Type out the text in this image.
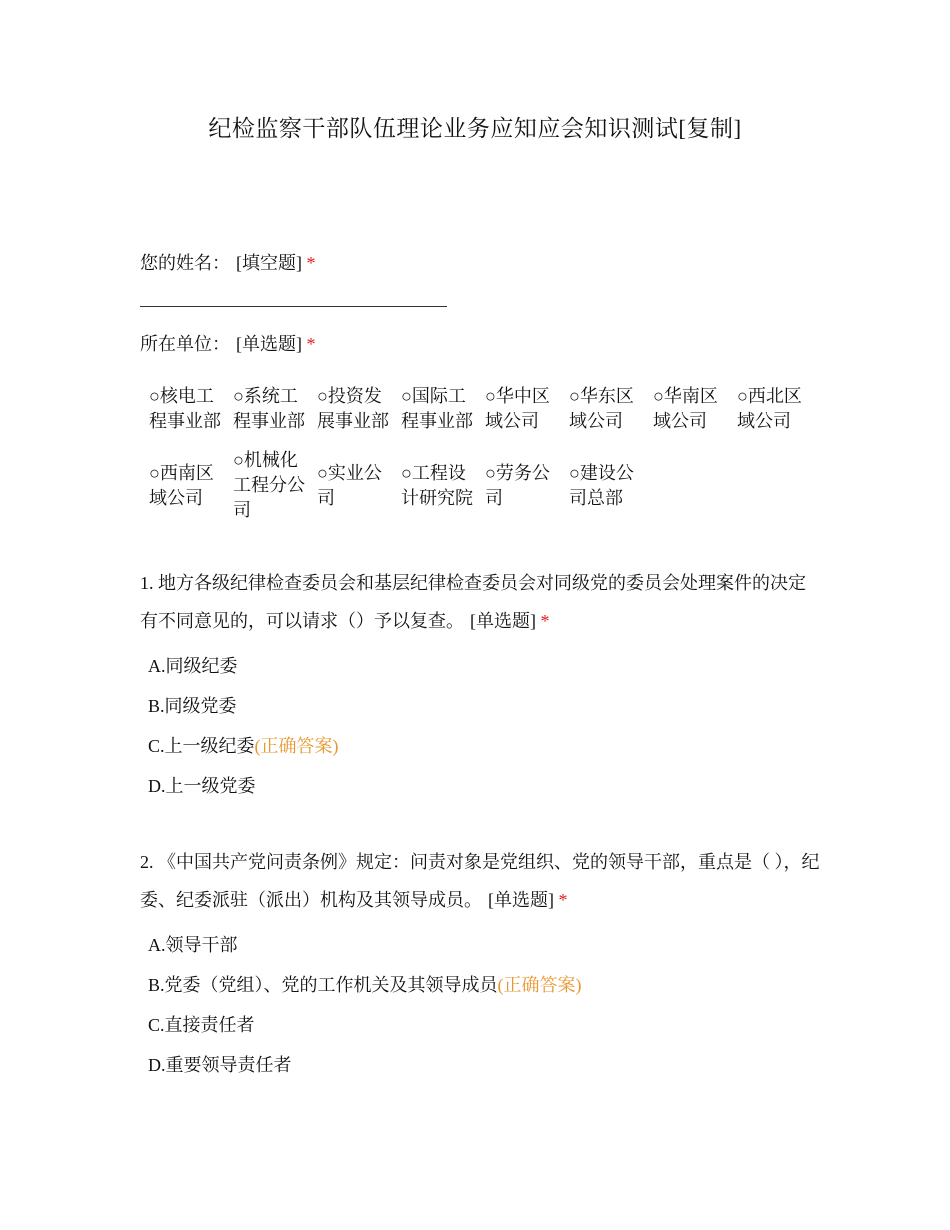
纪检监察干部队伍理论业务应知应会知识测试[复制]
您的姓名： [填空题] *
所在单位： [单选题] *
○核电工程事业部
○系统工程事业部
○投资发展事业部
○国际工程事业部
○华中区域公司
○华东区域公司
○华南区域公司
○西北区域公司
○西南区域公司
○机械化工程分公司
○实业公司
○工程设计研究院
○劳务公司
○建设公司总部
1. 地方各级纪律检查委员会和基层纪律检查委员会对同级党的委员会处理案件的决定有不同意见的，可以请求（）予以复查。 [单选题] *
A.同级纪委
B.同级党委
C.上一级纪委(正确答案)
D.上一级党委
2. 《中国共产党问责条例》规定：问责对象是党组织、党的领导干部，重点是（ ），纪委、纪委派驻（派出）机构及其领导成员。 [单选题] *
A.领导干部
B.党委（党组）、党的工作机关及其领导成员(正确答案)
C.直接责任者
D.重要领导责任者
